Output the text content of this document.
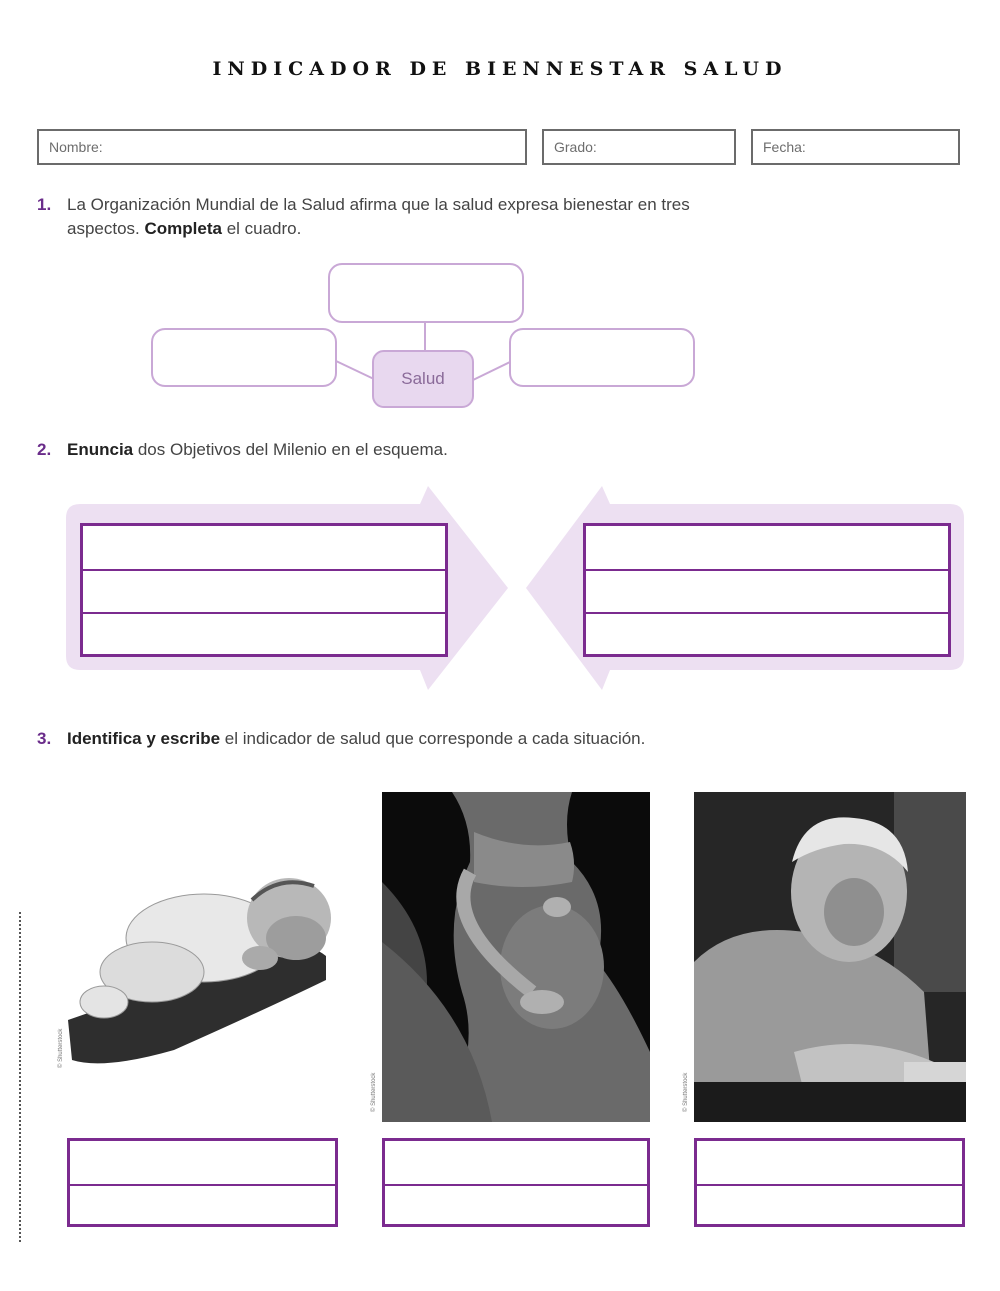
INDICADOR DE BIENNESTAR SALUD
Nombre:	Grado:	Fecha:
1. La Organización Mundial de la Salud afirma que la salud expresa bienestar en tres aspectos. Completa el cuadro.
Salud
2. Enuncia dos Objetivos del Milenio en el esquema.
3. Identifica y escribe el indicador de salud que corresponde a cada situación.
© Shutterstock
© Shutterstock	© Shutterstock
